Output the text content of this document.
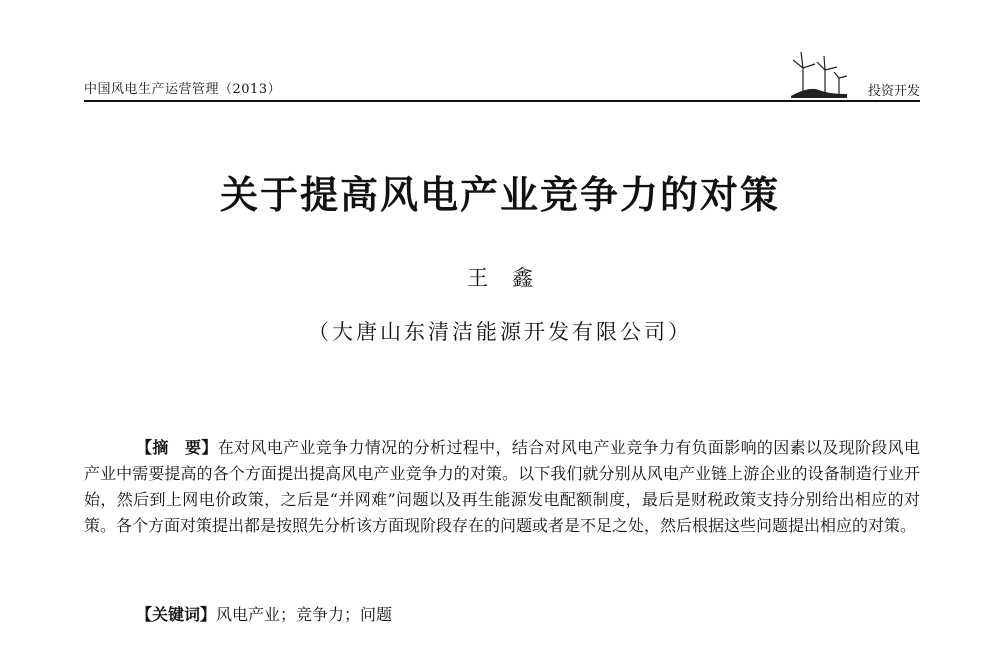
中国风电生产运营管理（2013）	投资开发
关于提高风电产业竞争力的对策
王鑫
（大唐山东清洁能源开发有限公司）

【摘　要】在对风电产业竞争力情况的分析过程中，结合对风电产业竞争力有负面影响的因素以及现阶段风电产业中需要提高的各个方面提出提高风电产业竞争力的对策。以下我们就分别从风电产业链上游企业的设备制造行业开始，然后到上网电价政策，之后是“并网难”问题以及再生能源发电配额制度，最后是财税政策支持分别给出相应的对策。各个方面对策提出都是按照先分析该方面现阶段存在的问题或者是不足之处，然后根据这些问题提出相应的对策。

【关键词】风电产业；竞争力；问题
